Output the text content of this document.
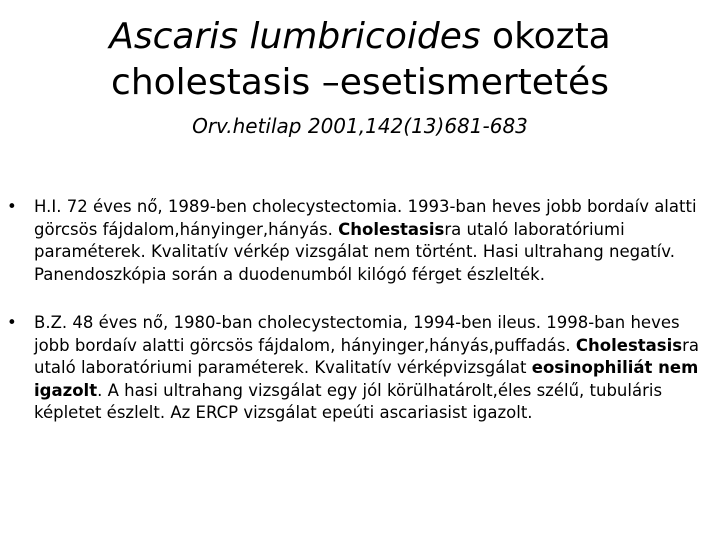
Ascaris lumbricoides okozta
cholestasis –esetismertetés
Orv.hetilap 2001,142(13)681-683
• H.I. 72 éves nő, 1989-ben cholecystectomia. 1993-ban heves jobb bordaív alatti görcsös fájdalom,hányinger,hányás. Cholestasisra utaló laboratóriumi paraméterek. Kvalitatív vérkép vizsgálat nem történt. Hasi ultrahang negatív. Panendoszkópia során a duodenumból kilógó férget észlelték.
• B.Z. 48 éves nő, 1980-ban cholecystectomia, 1994-ben ileus. 1998-ban heves jobb bordaív alatti görcsös fájdalom, hányinger,hányás,puffadás. Cholestasisra utaló laboratóriumi paraméterek. Kvalitatív vérképvizsgálat eosinophiliát nem igazolt. A hasi ultrahang vizsgálat egy jól körülhatárolt,éles szélű, tubuláris képletet észlelt. Az ERCP vizsgálat epeúti ascariasist igazolt.
